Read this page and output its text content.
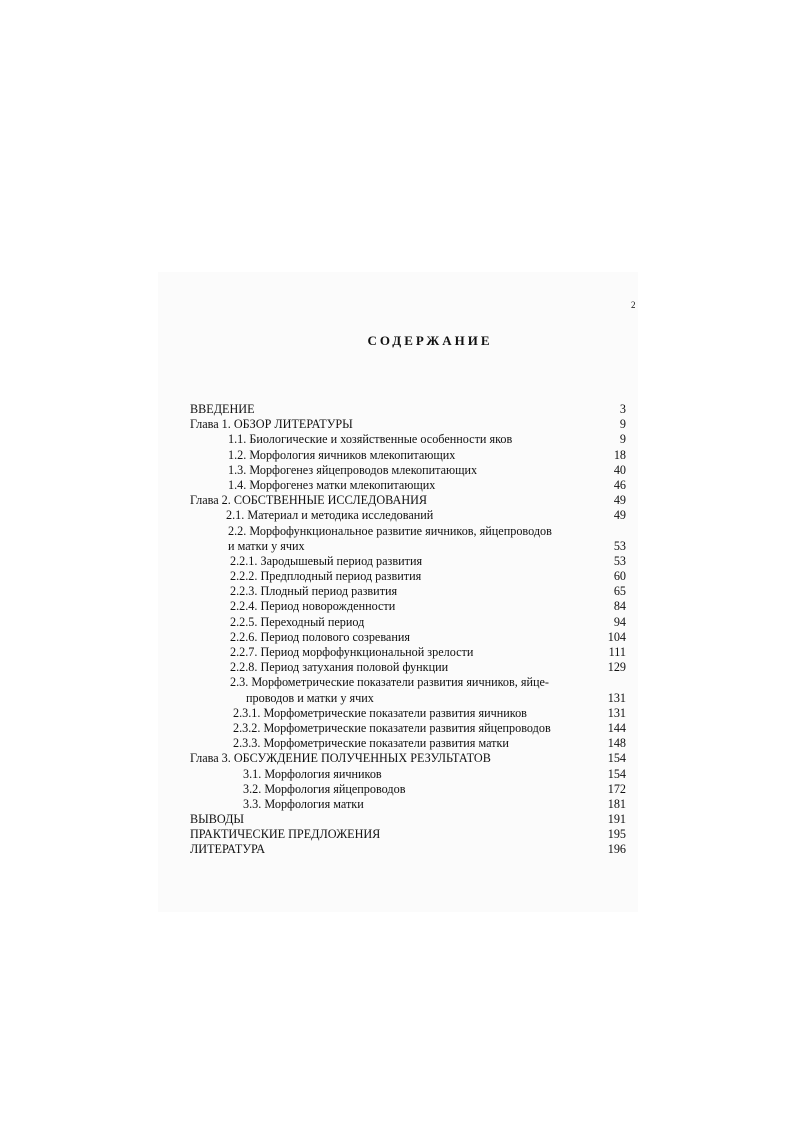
2
СОДЕРЖАНИЕ
ВВЕДЕНИЕ	3
Глава 1. ОБЗОР ЛИТЕРАТУРЫ	9
1.1. Биологические и хозяйственные особенности яков	9
1.2. Морфология яичников млекопитающих	18
1.3. Морфогенез яйцепроводов млекопитающих	40
1.4. Морфогенез матки млекопитающих	46
Глава 2. СОБСТВЕННЫЕ ИССЛЕДОВАНИЯ	49
2.1. Материал и методика исследований	49
2.2. Морфофункциональное развитие яичников, яйцепроводов
и матки у ячих	53
2.2.1. Зародышевый период развития	53
2.2.2. Предплодный период развития	60
2.2.3. Плодный период развития	65
2.2.4. Период новорожденности	84
2.2.5. Переходный период	94
2.2.6. Период полового созревания	104
2.2.7. Период морфофункциональной зрелости	111
2.2.8. Период затухания половой функции	129
2.3. Морфометрические показатели развития яичников, яйце-
проводов и матки у ячих	131
2.3.1. Морфометрические показатели развития яичников	131
2.3.2. Морфометрические показатели развития яйцепроводов	144
2.3.3. Морфометрические показатели развития матки	148
Глава 3. ОБСУЖДЕНИЕ ПОЛУЧЕННЫХ РЕЗУЛЬТАТОВ	154
3.1. Морфология яичников	154
3.2. Морфология яйцепроводов	172
3.3. Морфология матки	181
ВЫВОДЫ	191
ПРАКТИЧЕСКИЕ ПРЕДЛОЖЕНИЯ	195
ЛИТЕРАТУРА	196
